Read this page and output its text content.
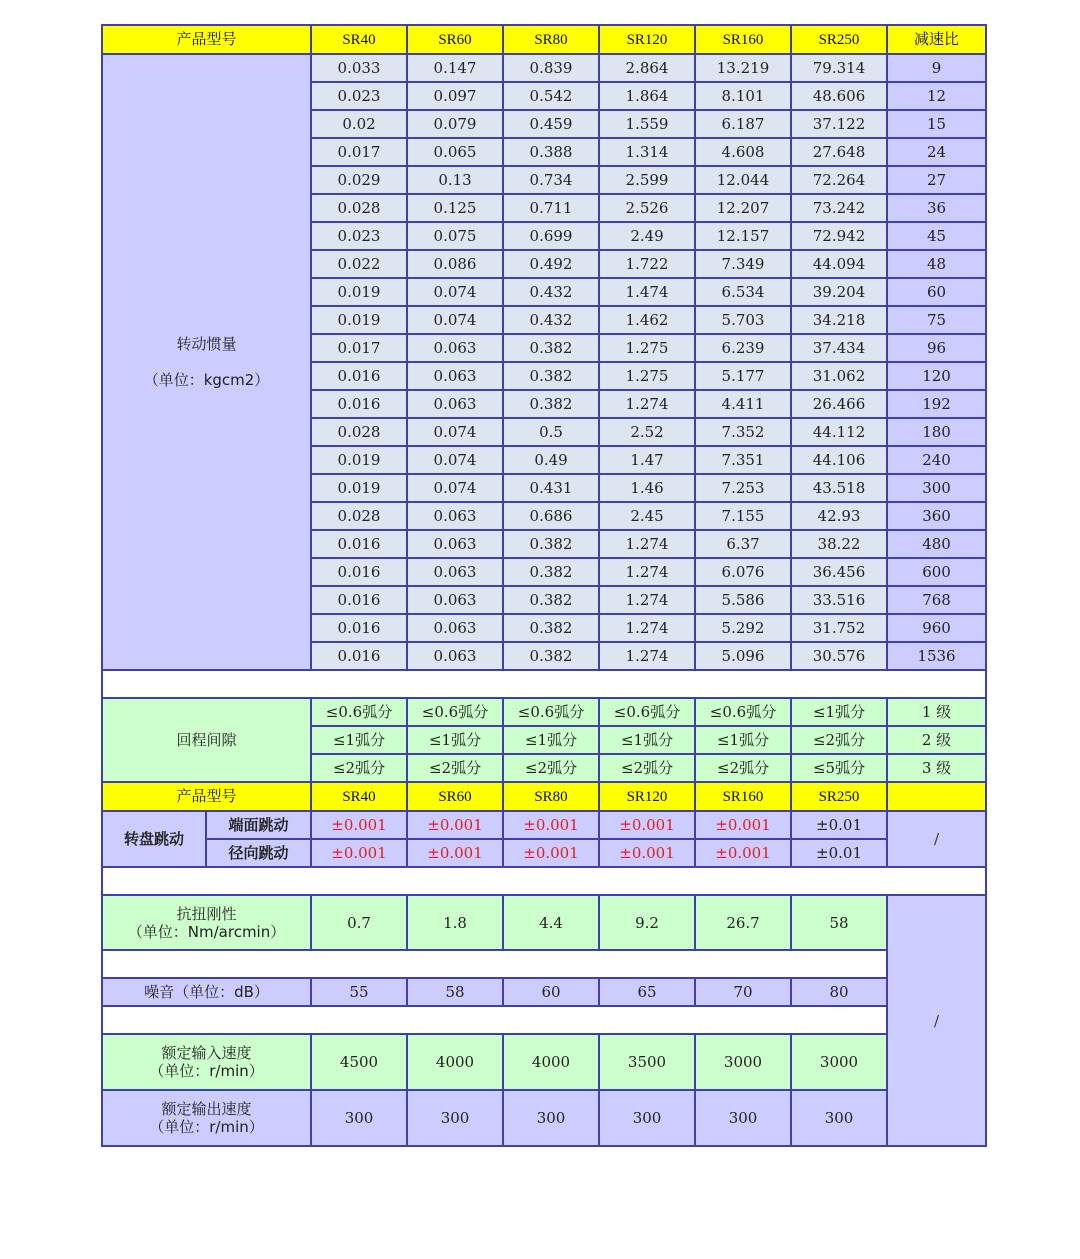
产品型号		SR40	SR60	SR80	SR120	SR160	SR250	减速比
转动惯量

（单位：kgcm2）		0.033	0.147	0.839	2.864	13.219	79.314	9
		0.023	0.097	0.542	1.864	8.101	48.606	12
		0.02	0.079	0.459	1.559	6.187	37.122	15
		0.017	0.065	0.388	1.314	4.608	27.648	24
		0.029	0.13	0.734	2.599	12.044	72.264	27
		0.028	0.125	0.711	2.526	12.207	73.242	36
		0.023	0.075	0.699	2.49	12.157	72.942	45
		0.022	0.086	0.492	1.722	7.349	44.094	48
		0.019	0.074	0.432	1.474	6.534	39.204	60
		0.019	0.074	0.432	1.462	5.703	34.218	75
		0.017	0.063	0.382	1.275	6.239	37.434	96
		0.016	0.063	0.382	1.275	5.177	31.062	120
		0.016	0.063	0.382	1.274	4.411	26.466	192
		0.028	0.074	0.5	2.52	7.352	44.112	180
		0.019	0.074	0.49	1.47	7.351	44.106	240
		0.019	0.074	0.431	1.46	7.253	43.518	300
		0.028	0.063	0.686	2.45	7.155	42.93	360
		0.016	0.063	0.382	1.274	6.37	38.22	480
		0.016	0.063	0.382	1.274	6.076	36.456	600
		0.016	0.063	0.382	1.274	5.586	33.516	768
		0.016	0.063	0.382	1.274	5.292	31.752	960
		0.016	0.063	0.382	1.274	5.096	30.576	1536

回程间隙		≤0.6弧分	≤0.6弧分	≤0.6弧分	≤0.6弧分	≤0.6弧分	≤1弧分	1 级
		≤1弧分	≤1弧分	≤1弧分	≤1弧分	≤1弧分	≤2弧分	2 级
		≤2弧分	≤2弧分	≤2弧分	≤2弧分	≤2弧分	≤5弧分	3 级
产品型号		SR40	SR60	SR80	SR120	SR160	SR250	
转盘跳动	端面跳动	±0.001	±0.001	±0.001	±0.001	±0.001	±0.01	/
	径向跳动	±0.001	±0.001	±0.001	±0.001	±0.001	±0.01	

抗扭刚性
（单位：Nm/arcmin）		0.7	1.8	4.4	9.2	26.7	58	/

噪音（单位：dB）		55	58	60	65	70	80	

额定输入速度
（单位：r/min）		4500	4000	4000	3500	3000	3000	
额定输出速度
（单位：r/min）		300	300	300	300	300	300	
